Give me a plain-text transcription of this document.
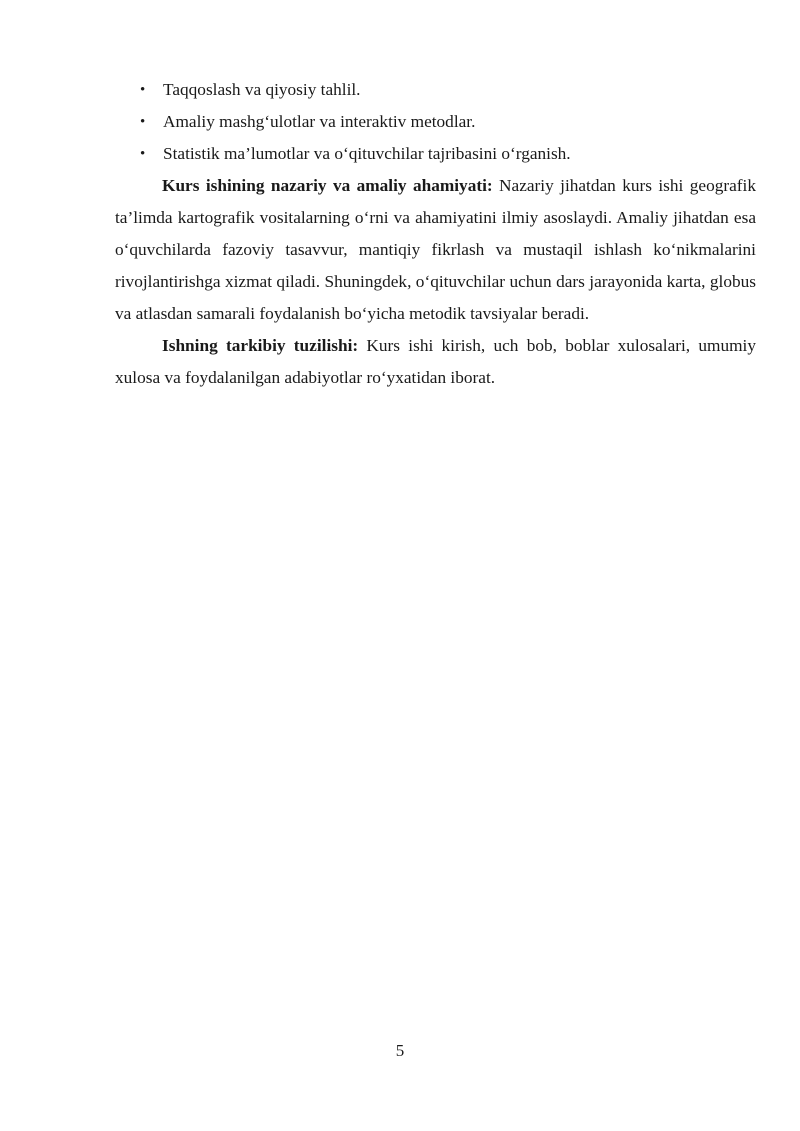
• Taqqoslash va qiyosiy tahlil.
• Amaliy mashg‘ulotlar va interaktiv metodlar.
• Statistik ma’lumotlar va o‘qituvchilar tajribasini o‘rganish.

Kurs ishining nazariy va amaliy ahamiyati: Nazariy jihatdan kurs ishi geografik ta’limda kartografik vositalarning o‘rni va ahamiyatini ilmiy asoslaydi. Amaliy jihatdan esa o‘quvchilarda fazoviy tasavvur, mantiqiy fikrlash va mustaqil ishlash ko‘nikmalarini rivojlantirishga xizmat qiladi. Shuningdek, o‘qituvchilar uchun dars jarayonida karta, globus va atlasdan samarali foydalanish bo‘yicha metodik tavsiyalar beradi.

Ishning tarkibiy tuzilishi: Kurs ishi kirish, uch bob, boblar xulosalari, umumiy xulosa va foydalanilgan adabiyotlar ro‘yxatidan iborat.

5
